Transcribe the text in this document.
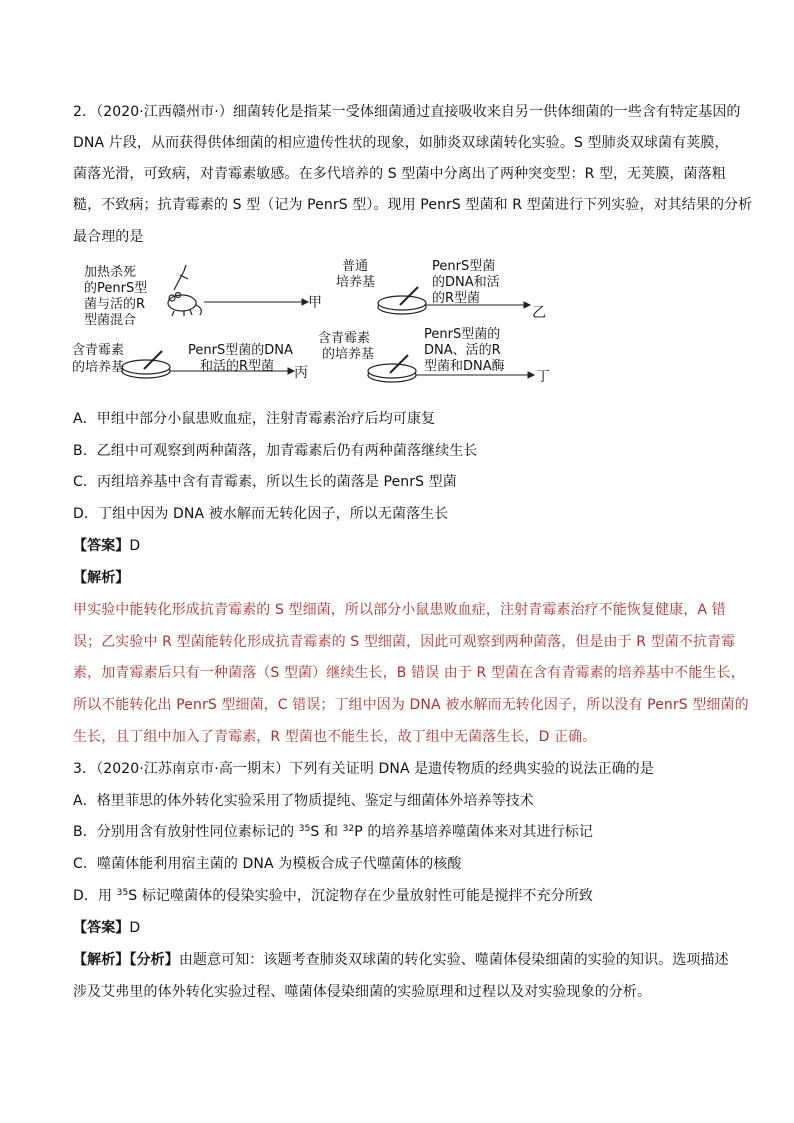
2．（2020·江西赣州市·）细菌转化是指某一受体细菌通过直接吸收来自另一供体细菌的一些含有特定基因的
DNA 片段，从而获得供体细菌的相应遗传性状的现象，如肺炎双球菌转化实验。S 型肺炎双球菌有荚膜，
菌落光滑，可致病，对青霉素敏感。在多代培养的 S 型菌中分离出了两种突变型：R 型，无荚膜，菌落粗
糙，不致病；抗青霉素的 S 型（记为 PenrS 型）。现用 PenrS 型菌和 R 型菌进行下列实验，对其结果的分析
最合理的是
加热杀死
的PenrS型
菌与活的R
型菌混合
甲
普通
培养基
PenrS型菌
的DNA和活
的R型菌
乙
含青霉素
的培养基
PenrS型菌的DNA
和活的R型菌 丙
含青霉素
的培养基
PenrS型菌的
DNA、活的R
型菌和DNA酶
丁
A．甲组中部分小鼠患败血症，注射青霉素治疗后均可康复
B．乙组中可观察到两种菌落，加青霉素后仍有两种菌落继续生长
C．丙组培养基中含有青霉素，所以生长的菌落是 PenrS 型菌
D．丁组中因为 DNA 被水解而无转化因子，所以无菌落生长
【答案】D
【解析】
甲实验中能转化形成抗青霉素的 S 型细菌，所以部分小鼠患败血症，注射青霉素治疗不能恢复健康，A 错
误；乙实验中 R 型菌能转化形成抗青霉素的 S 型细菌，因此可观察到两种菌落，但是由于 R 型菌不抗青霉
素，加青霉素后只有一种菌落（S 型菌）继续生长，B 错误 由于 R 型菌在含有青霉素的培养基中不能生长，
所以不能转化出 PenrS 型细菌，C 错误；丁组中因为 DNA 被水解而无转化因子，所以没有 PenrS 型细菌的
生长，且丁组中加入了青霉素，R 型菌也不能生长，故丁组中无菌落生长，D 正确。
3．（2020·江苏南京市·高一期末）下列有关证明 DNA 是遗传物质的经典实验的说法正确的是
A．格里菲思的体外转化实验采用了物质提纯、鉴定与细菌体外培养等技术
B．分别用含有放射性同位素标记的 $^{35}$S 和 $^{32}$P 的培养基培养噬菌体来对其进行标记
C．噬菌体能利用宿主菌的 DNA 为模板合成子代噬菌体的核酸
D．用 $^{35}$S 标记噬菌体的侵染实验中，沉淀物存在少量放射性可能是搅拌不充分所致
【答案】D
【解析】【分析】由题意可知：该题考查肺炎双球菌的转化实验、噬菌体侵染细菌的实验的知识。选项描述
涉及艾弗里的体外转化实验过程、噬菌体侵染细菌的实验原理和过程以及对实验现象的分析。
